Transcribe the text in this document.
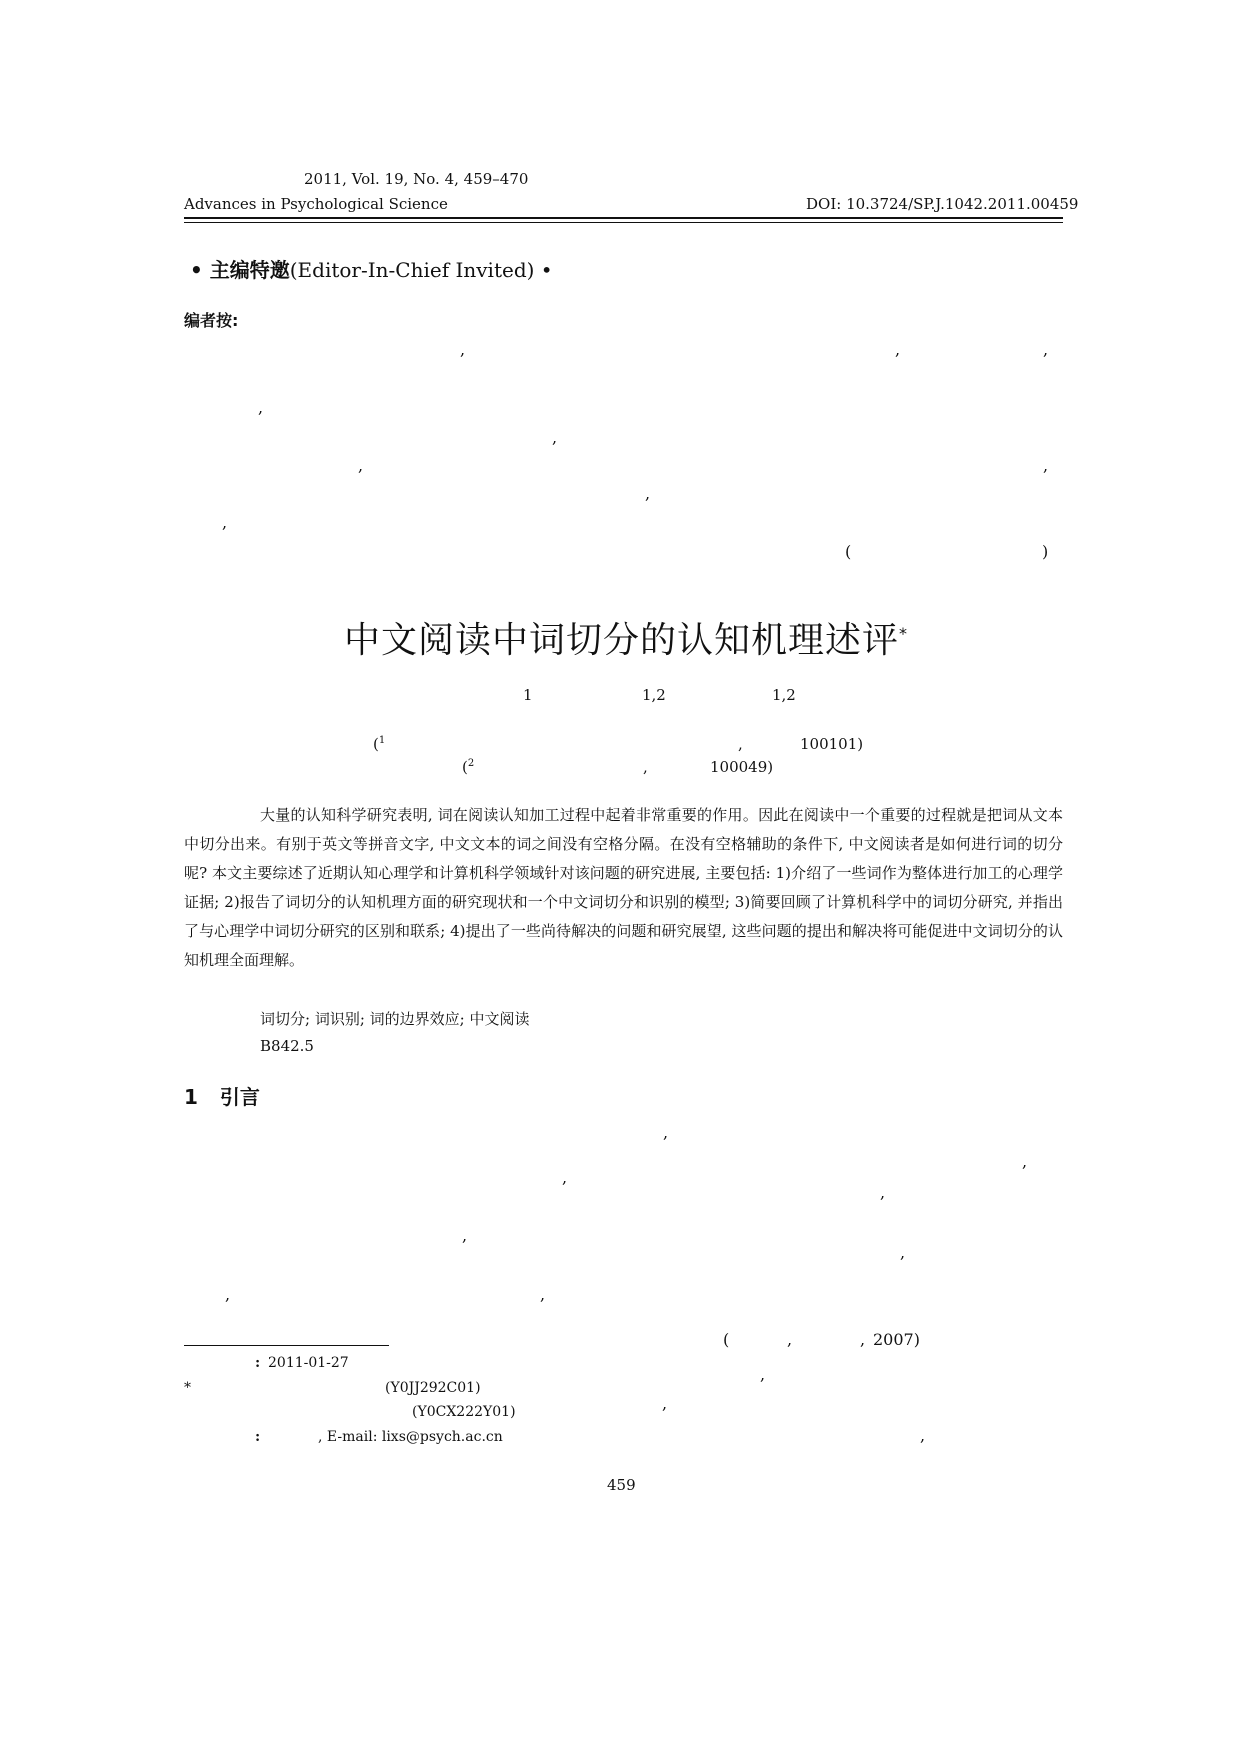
2011, Vol. 19, No. 4, 459–470
Advances in Psychological Science	DOI: 10.3724/SP.J.1042.2011.00459
• 主编特邀(Editor-In-Chief Invited) •
编者按:
,	,	,
,
,
,	,
,
,
(	)
中文阅读中词切分的认知机理述评*
1	1,2	1,2
($^1$	,	100101)
($^2$	,	100049)

大量的认知科学研究表明, 词在阅读认知加工过程中起着非常重要的作用。因此在阅读中一个重要的过程就是把词从文本中切分出来。有别于英文等拼音文字, 中文文本的词之间没有空格分隔。在没有空格辅助的条件下, 中文阅读者是如何进行词的切分呢? 本文主要综述了近期认知心理学和计算机科学领域针对该问题的研究进展, 主要包括: 1)介绍了一些词作为整体进行加工的心理学证据; 2)报告了词切分的认知机理方面的研究现状和一个中文词切分和识别的模型; 3)简要回顾了计算机科学中的词切分研究, 并指出了与心理学中词切分研究的区别和联系; 4)提出了一些尚待解决的问题和研究展望, 这些问题的提出和解决将可能促进中文词切分的认知机理全面理解。

词切分; 词识别; 词的边界效应; 中文阅读
B842.5
1 引言
,
,
,
,
,
,
,	,
(	,	, 2007)
,
,
,
: 2011-01-27
*	(Y0JJ292C01)
(Y0CX222Y01)
:	, E-mail: lixs@psych.ac.cn
459
